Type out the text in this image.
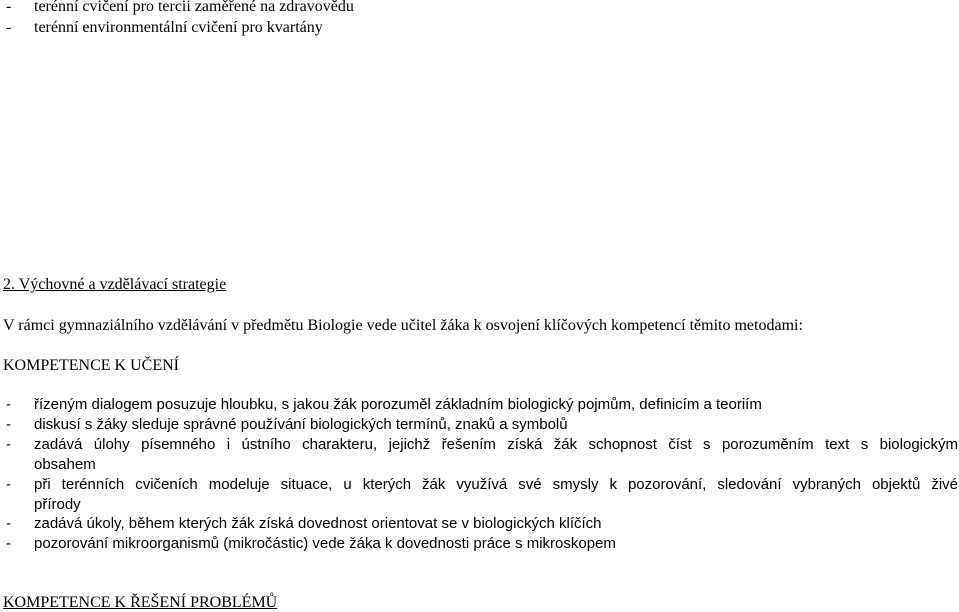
-	terénní cvičení pro tercii zaměřené na zdravovědu
-	terénní environmentální cvičení pro kvartány
2. Výchovné a vzdělávací strategie
V rámci gymnaziálního vzdělávání v předmětu Biologie vede učitel žáka k osvojení klíčových kompetencí těmito metodami:
KOMPETENCE K UČENÍ
-	řízeným dialogem posuzuje hloubku, s jakou žák porozuměl základním biologický pojmům, definicím a teoriím
-	diskusí s žáky sleduje správné používání biologických termínů, znaků a symbolů
-	zadává úlohy písemného i ústního charakteru, jejichž řešením získá žák schopnost číst s porozuměním text s biologickým
obsahem
-	při terénních cvičeních modeluje situace, u kterých žák využívá své smysly k pozorování, sledování vybraných objektů živé
přírody
-	zadává úkoly, během kterých žák získá dovednost orientovat se v biologických klíčích
-	pozorování mikroorganismů (mikročástic) vede žáka k dovednosti práce s mikroskopem
KOMPETENCE K ŘEŠENÍ PROBLÉMŮ
